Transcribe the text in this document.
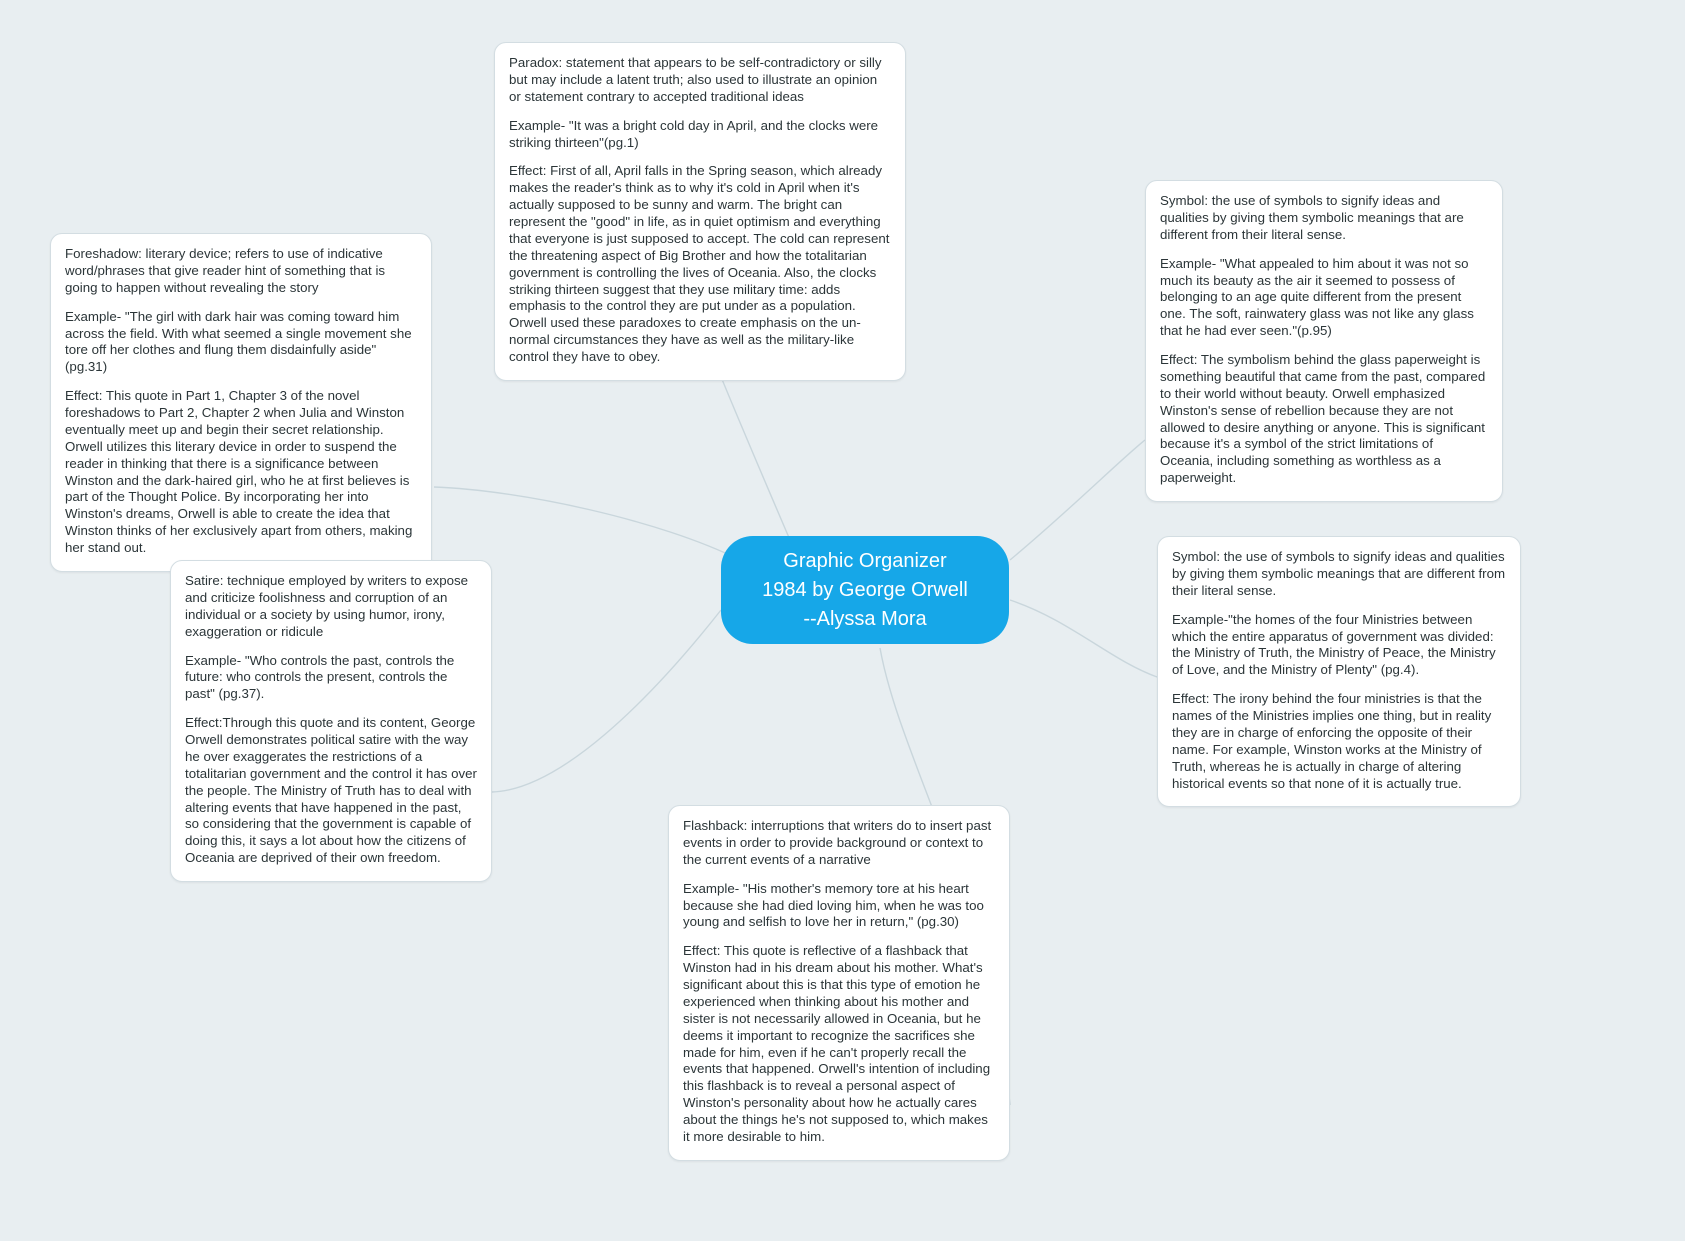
Paradox: statement that appears to be self-contradictory or silly but may include a latent truth; also used to illustrate an opinion or statement contrary to accepted traditional ideas

Example- "It was a bright cold day in April, and the clocks were striking thirteen"(pg.1)

Effect: First of all, April falls in the Spring season, which already makes the reader's think as to why it's cold in April when it's actually supposed to be sunny and warm. The bright can represent the "good" in life, as in quiet optimism and everything that everyone is just supposed to accept. The cold can represent the threatening aspect of Big Brother and how the totalitarian government is controlling the lives of Oceania. Also, the clocks striking thirteen suggest that they use military time: adds emphasis to the control they are put under as a population. Orwell used these paradoxes to create emphasis on the un-normal circumstances they have as well as the military-like control they have to obey.

Symbol: the use of symbols to signify ideas and qualities by giving them symbolic meanings that are different from their literal sense.

Example- "What appealed to him about it was not so much its beauty as the air it seemed to possess of belonging to an age quite different from the present one. The soft, rainwatery glass was not like any glass that he had ever seen."(p.95)

Effect: The symbolism behind the glass paperweight is something beautiful that came from the past, compared to their world without beauty. Orwell emphasized Winston's sense of rebellion because they are not allowed to desire anything or anyone. This is significant because it's a symbol of the strict limitations of Oceania, including something as worthless as a paperweight.

Foreshadow: literary device; refers to use of indicative word/phrases that give reader hint of something that is going to happen without revealing the story

Example- "The girl with dark hair was coming toward him across the field. With what seemed a single movement she tore off her clothes and flung them disdainfully aside" (pg.31)

Effect: This quote in Part 1, Chapter 3 of the novel foreshadows to Part 2, Chapter 2 when Julia and Winston eventually meet up and begin their secret relationship. Orwell utilizes this literary device in order to suspend the reader in thinking that there is a significance between Winston and the dark-haired girl, who he at first believes is part of the Thought Police. By incorporating her into Winston's dreams, Orwell is able to create the idea that Winston thinks of her exclusively apart from others, making her stand out.

Symbol: the use of symbols to signify ideas and qualities by giving them symbolic meanings that are different from their literal sense.

Example-"the homes of the four Ministries between which the entire apparatus of government was divided: the Ministry of Truth, the Ministry of Peace, the Ministry of Love, and the Ministry of Plenty" (pg.4).

Effect: The irony behind the four ministries is that the names of the Ministries implies one thing, but in reality they are in charge of enforcing the opposite of their name. For example, Winston works at the Ministry of Truth, whereas he is actually in charge of altering historical events so that none of it is actually true.

Satire: technique employed by writers to expose and criticize foolishness and corruption of an individual or a society by using humor, irony, exaggeration or ridicule

Example- "Who controls the past, controls the future: who controls the present, controls the past" (pg.37).

Effect:Through this quote and its content, George Orwell demonstrates political satire with the way he over exaggerates the restrictions of a totalitarian government and the control it has over the people. The Ministry of Truth has to deal with altering events that have happened in the past, so considering that the government is capable of doing this, it says a lot about how the citizens of Oceania are deprived of their own freedom.

Flashback: interruptions that writers do to insert past events in order to provide background or context to the current events of a narrative

Example- "His mother's memory tore at his heart because she had died loving him, when he was too young and selfish to love her in return," (pg.30)

Effect: This quote is reflective of a flashback that Winston had in his dream about his mother. What's significant about this is that this type of emotion he experienced when thinking about his mother and sister is not necessarily allowed in Oceania, but he deems it important to recognize the sacrifices she made for him, even if he can't properly recall the events that happened. Orwell's intention of including this flashback is to reveal a personal aspect of Winston's personality about how he actually cares about the things he's not supposed to, which makes it more desirable to him.

Graphic Organizer
1984 by George Orwell
--Alyssa Mora
